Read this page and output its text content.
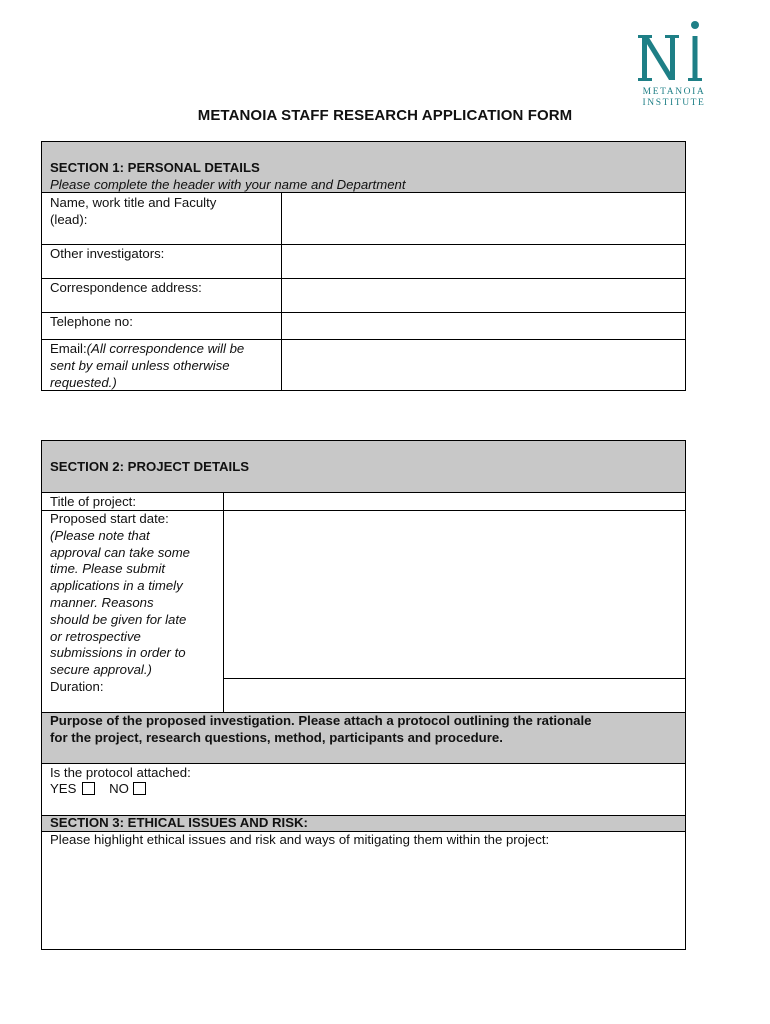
METANOIA
INSTITUTE
METANOIA STAFF RESEARCH APPLICATION FORM
SECTION 1: PERSONAL DETAILS
Please complete the header with your name and Department
Name, work title and Faculty
(lead):
Other investigators:
Correspondence address:
Telephone no:
Email:(All correspondence will be
sent by email unless otherwise
requested.)
SECTION 2: PROJECT DETAILS
Title of project:
Proposed start date:
(Please note that
approval can take some
time. Please submit
applications in a timely
manner. Reasons
should be given for late
or retrospective
submissions in order to
secure approval.)
Duration:
Purpose of the proposed investigation. Please attach a protocol outlining the rationale
for the project, research questions, method, participants and procedure.
Is the protocol attached:
YES NO
SECTION 3: ETHICAL ISSUES AND RISK:
Please highlight ethical issues and risk and ways of mitigating them within the project:
